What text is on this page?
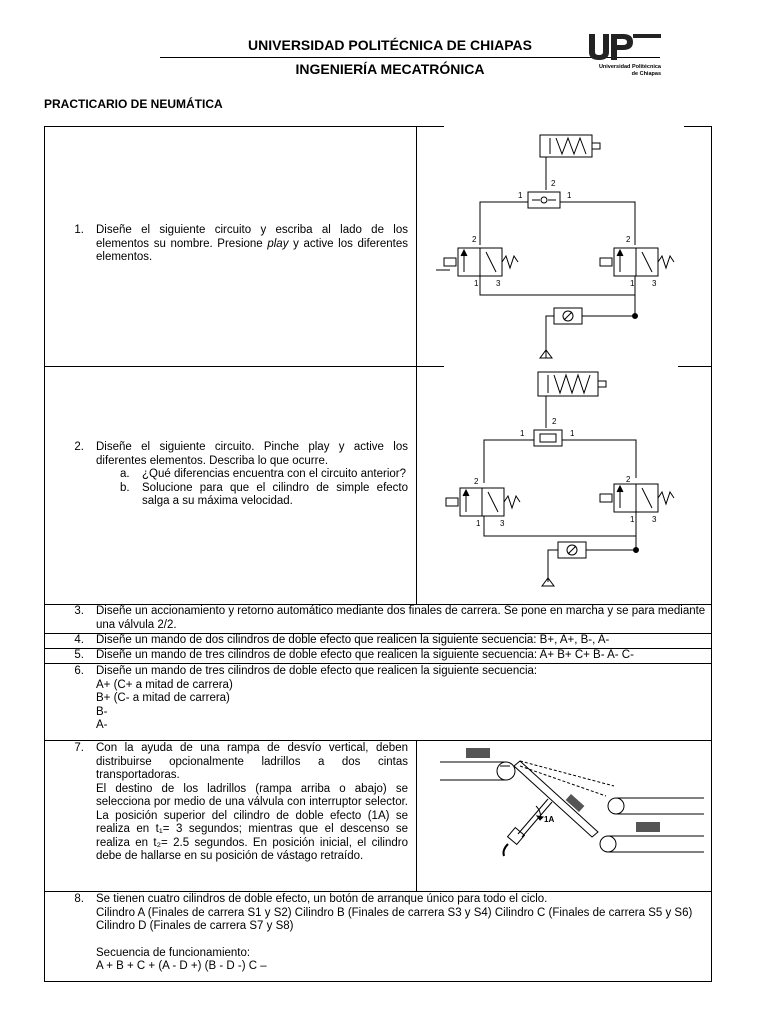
UNIVERSIDAD POLITÉCNICA DE CHIAPAS
INGENIERÍA MECATRÓNICA	Universidad Politécnica
de Chiapas
PRACTICARIO DE NEUMÁTICA
1. Diseñe el siguiente circuito y escriba al lado de los elementos su nombre. Presione play y active los diferentes elementos.
2
1	1
2
1 3
2
1 3
2. Diseñe el siguiente circuito. Pinche play y active los diferentes elementos. Describa lo que ocurre.
a. ¿Qué diferencias encuentra con el circuito anterior?
b. Solucione para que el cilindro de simple efecto salga a su máxima velocidad.
2
1	1
2
1 3
2
1 3
3. Diseñe un accionamiento y retorno automático mediante dos finales de carrera. Se pone en marcha y se para mediante una válvula 2/2.
4. Diseñe un mando de dos cilindros de doble efecto que realicen la siguiente secuencia: B+, A+, B-, A-
5. Diseñe un mando de tres cilindros de doble efecto que realicen la siguiente secuencia: A+ B+ C+ B- A- C-
6. Diseñe un mando de tres cilindros de doble efecto que realicen la siguiente secuencia:
A+ (C+ a mitad de carrera)
B+ (C- a mitad de carrera)
B-
A-
7. Con la ayuda de una rampa de desvío vertical, deben distribuirse opcionalmente ladrillos a dos cintas transportadoras.
El destino de los ladrillos (rampa arriba o abajo) se selecciona por medio de una válvula con interruptor selector. La posición superior del cilindro de doble efecto (1A) se realiza en t₁= 3 segundos; mientras que el descenso se realiza en t₂= 2.5 segundos. En posición inicial, el cilindro debe de hallarse en su posición de vástago retraído.
1A
8. Se tienen cuatro cilindros de doble efecto, un botón de arranque único para todo el ciclo.
Cilindro A (Finales de carrera S1 y S2) Cilindro B (Finales de carrera S3 y S4) Cilindro C (Finales de carrera S5 y S6) Cilindro D (Finales de carrera S7 y S8)
Secuencia de funcionamiento:
A + B + C + (A - D +) (B - D -) C –
